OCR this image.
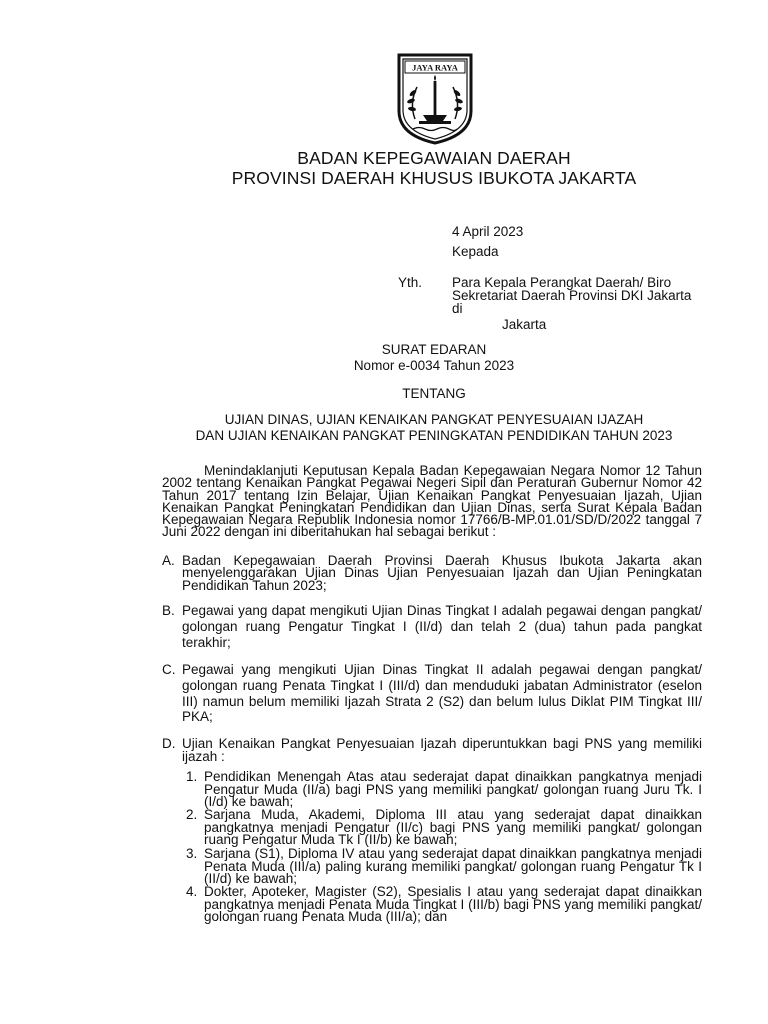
JAYA RAYA
BADAN KEPEGAWAIAN DAERAH
PROVINSI DAERAH KHUSUS IBUKOTA JAKARTA
4 April 2023
Kepada
Yth. Para Kepala Perangkat Daerah/ Biro
Sekretariat Daerah Provinsi DKI Jakarta
di
Jakarta
SURAT EDARAN
Nomor e-0034 Tahun 2023
TENTANG
UJIAN DINAS, UJIAN KENAIKAN PANGKAT PENYESUAIAN IJAZAH
DAN UJIAN KENAIKAN PANGKAT PENINGKATAN PENDIDIKAN TAHUN 2023

Menindaklanjuti Keputusan Kepala Badan Kepegawaian Negara Nomor 12 Tahun 2002 tentang Kenaikan Pangkat Pegawai Negeri Sipil dan Peraturan Gubernur Nomor 42 Tahun 2017 tentang Izin Belajar, Ujian Kenaikan Pangkat Penyesuaian Ijazah, Ujian Kenaikan Pangkat Peningkatan Pendidikan dan Ujian Dinas, serta Surat Kepala Badan Kepegawaian Negara Republik Indonesia nomor 17766/B-MP.01.01/SD/D/2022 tanggal 7 Juni 2022 dengan ini diberitahukan hal sebagai berikut :

A. Badan Kepegawaian Daerah Provinsi Daerah Khusus Ibukota Jakarta akan menyelenggarakan Ujian Dinas Ujian Penyesuaian Ijazah dan Ujian Peningkatan Pendidikan Tahun 2023;
B. Pegawai yang dapat mengikuti Ujian Dinas Tingkat I adalah pegawai dengan pangkat/ golongan ruang Pengatur Tingkat I (II/d) dan telah 2 (dua) tahun pada pangkat terakhir;
C. Pegawai yang mengikuti Ujian Dinas Tingkat II adalah pegawai dengan pangkat/ golongan ruang Penata Tingkat I (III/d) dan menduduki jabatan Administrator (eselon III) namun belum memiliki Ijazah Strata 2 (S2) dan belum lulus Diklat PIM Tingkat III/ PKA;
D. Ujian Kenaikan Pangkat Penyesuaian Ijazah diperuntukkan bagi PNS yang memiliki ijazah :
1. Pendidikan Menengah Atas atau sederajat dapat dinaikkan pangkatnya menjadi Pengatur Muda (II/a) bagi PNS yang memiliki pangkat/ golongan ruang Juru Tk. I (I/d) ke bawah;
2. Sarjana Muda, Akademi, Diploma III atau yang sederajat dapat dinaikkan pangkatnya menjadi Pengatur (II/c) bagi PNS yang memiliki pangkat/ golongan ruang Pengatur Muda Tk I (II/b) ke bawah;
3. Sarjana (S1), Diploma IV atau yang sederajat dapat dinaikkan pangkatnya menjadi Penata Muda (III/a) paling kurang memiliki pangkat/ golongan ruang Pengatur Tk I (II/d) ke bawah;
4. Dokter, Apoteker, Magister (S2), Spesialis I atau yang sederajat dapat dinaikkan pangkatnya menjadi Penata Muda Tingkat I (III/b) bagi PNS yang memiliki pangkat/ golongan ruang Penata Muda (III/a); dan
